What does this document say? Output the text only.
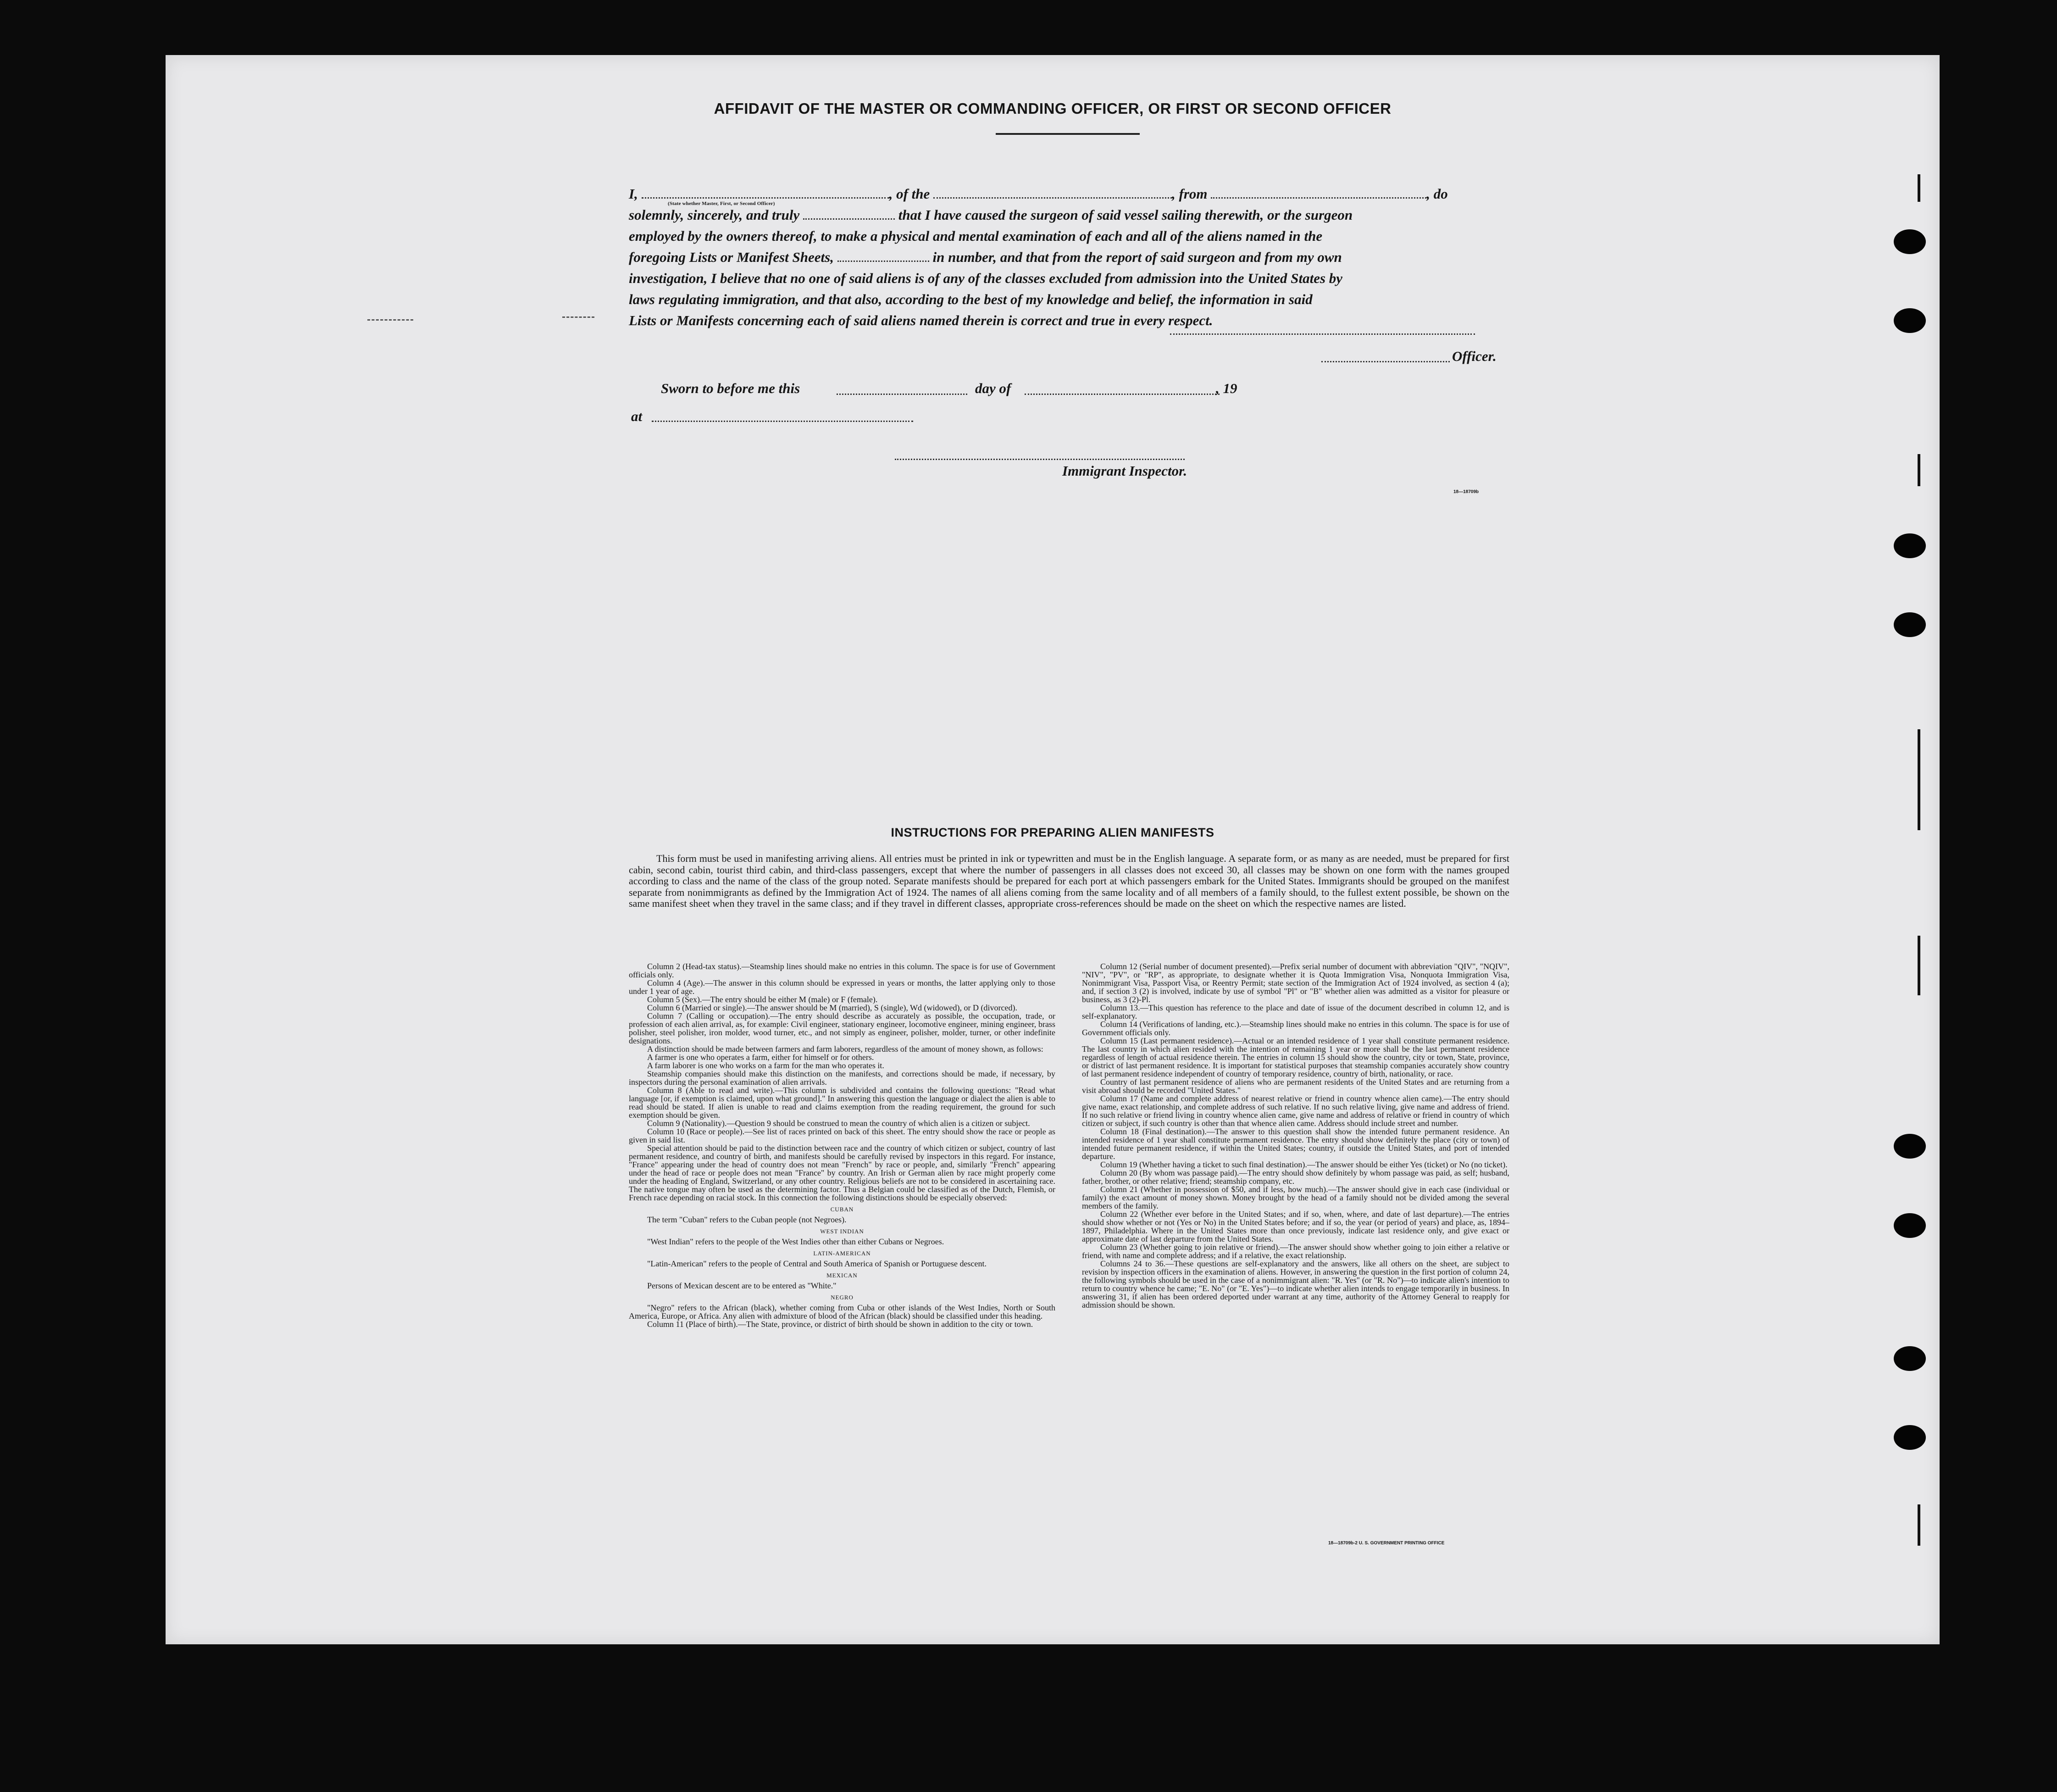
AFFIDAVIT OF THE MASTER OR COMMANDING OFFICER, OR FIRST OR SECOND OFFICER
I,	, of the	, from	, do
solemnly, sincerely, and truly	that I have caused the surgeon of said vessel sailing therewith, or the surgeon
employed by the owners thereof, to make a physical and mental examination of each and all of the aliens named in the
foregoing Lists or Manifest Sheets,	in number, and that from the report of said surgeon and from my own
investigation, I believe that no one of said aliens is of any of the classes excluded from admission into the United States by
laws regulating immigration, and that also, according to the best of my knowledge and belief, the information in said
Lists or Manifests concerning each of said aliens named therein is correct and true in every respect.
(State whether Master, First, or Second Officer)
Officer.
Sworn to before me this	day of	, 19
at
Immigrant Inspector.
18—18709b
INSTRUCTIONS FOR PREPARING ALIEN MANIFESTS

This form must be used in manifesting arriving aliens. All entries must be printed in ink or typewritten and must be in the English language. A separate form, or as many as are needed, must be prepared for first cabin, second cabin, tourist third cabin, and third-class passengers, except that where the number of passengers in all classes does not exceed 30, all classes may be shown on one form with the names grouped according to class and the name of the class of the group noted. Separate manifests should be prepared for each port at which passengers embark for the United States. Immigrants should be grouped on the manifest separate from nonimmigrants as defined by the Immigration Act of 1924. The names of all aliens coming from the same locality and of all members of a family should, to the fullest extent possible, be shown on the same manifest sheet when they travel in the same class; and if they travel in different classes, appropriate cross-references should be made on the sheet on which the respective names are listed.

Column 2 (Head-tax status).—Steamship lines should make no entries in this column. The space is for use of Government officials only.

Column 4 (Age).—The answer in this column should be expressed in years or months, the latter applying only to those under 1 year of age.

Column 5 (Sex).—The entry should be either M (male) or F (female).

Column 6 (Married or single).—The answer should be M (married), S (single), Wd (widowed), or D (divorced).

Column 7 (Calling or occupation).—The entry should describe as accurately as possible, the occupation, trade, or profession of each alien arrival, as, for example: Civil engineer, stationary engineer, locomotive engineer, mining engineer, brass polisher, steel polisher, iron molder, wood turner, etc., and not simply as engineer, polisher, molder, turner, or other indefinite designations.

A distinction should be made between farmers and farm laborers, regardless of the amount of money shown, as follows:

A farmer is one who operates a farm, either for himself or for others.

A farm laborer is one who works on a farm for the man who operates it.

Steamship companies should make this distinction on the manifests, and corrections should be made, if necessary, by inspectors during the personal examination of alien arrivals.

Column 8 (Able to read and write).—This column is subdivided and contains the following questions: "Read what language [or, if exemption is claimed, upon what ground]." In answering this question the language or dialect the alien is able to read should be stated. If alien is unable to read and claims exemption from the reading requirement, the ground for such exemption should be given.

Column 9 (Nationality).—Question 9 should be construed to mean the country of which alien is a citizen or subject.

Column 10 (Race or people).—See list of races printed on back of this sheet. The entry should show the race or people as given in said list.

Special attention should be paid to the distinction between race and the country of which citizen or subject, country of last permanent residence, and country of birth, and manifests should be carefully revised by inspectors in this regard. For instance, "France" appearing under the head of country does not mean "French" by race or people, and, similarly "French" appearing under the head of race or people does not mean "France" by country. An Irish or German alien by race might properly come under the heading of England, Switzerland, or any other country. Religious beliefs are not to be considered in ascertaining race. The native tongue may often be used as the determining factor. Thus a Belgian could be classified as of the Dutch, Flemish, or French race depending on racial stock. In this connection the following distinctions should be especially observed:

CUBAN

The term "Cuban" refers to the Cuban people (not Negroes).

WEST INDIAN

"West Indian" refers to the people of the West Indies other than either Cubans or Negroes.

LATIN-AMERICAN

"Latin-American" refers to the people of Central and South America of Spanish or Portuguese descent.

MEXICAN

Persons of Mexican descent are to be entered as "White."

NEGRO

"Negro" refers to the African (black), whether coming from Cuba or other islands of the West Indies, North or South America, Europe, or Africa. Any alien with admixture of blood of the African (black) should be classified under this heading.

Column 11 (Place of birth).—The State, province, or district of birth should be shown in addition to the city or town.

Column 12 (Serial number of document presented).—Prefix serial number of document with abbreviation "QIV", "NQIV", "NIV", "PV", or "RP", as appropriate, to designate whether it is Quota Immigration Visa, Nonquota Immigration Visa, Nonimmigrant Visa, Passport Visa, or Reentry Permit; state section of the Immigration Act of 1924 involved, as section 4 (a); and, if section 3 (2) is involved, indicate by use of symbol "Pl" or "B" whether alien was admitted as a visitor for pleasure or business, as 3 (2)-Pl.

Column 13.—This question has reference to the place and date of issue of the document described in column 12, and is self-explanatory.

Column 14 (Verifications of landing, etc.).—Steamship lines should make no entries in this column. The space is for use of Government officials only.

Column 15 (Last permanent residence).—Actual or an intended residence of 1 year shall constitute permanent residence. The last country in which alien resided with the intention of remaining 1 year or more shall be the last permanent residence regardless of length of actual residence therein. The entries in column 15 should show the country, city or town, State, province, or district of last permanent residence. It is important for statistical purposes that steamship companies accurately show country of last permanent residence independent of country of temporary residence, country of birth, nationality, or race.

Country of last permanent residence of aliens who are permanent residents of the United States and are returning from a visit abroad should be recorded "United States."

Column 17 (Name and complete address of nearest relative or friend in country whence alien came).—The entry should give name, exact relationship, and complete address of such relative. If no such relative living, give name and address of friend. If no such relative or friend living in country whence alien came, give name and address of relative or friend in country of which citizen or subject, if such country is other than that whence alien came. Address should include street and number.

Column 18 (Final destination).—The answer to this question shall show the intended future permanent residence. An intended residence of 1 year shall constitute permanent residence. The entry should show definitely the place (city or town) of intended future permanent residence, if within the United States; country, if outside the United States, and port of intended departure.

Column 19 (Whether having a ticket to such final destination).—The answer should be either Yes (ticket) or No (no ticket).

Column 20 (By whom was passage paid).—The entry should show definitely by whom passage was paid, as self; husband, father, brother, or other relative; friend; steamship company, etc.

Column 21 (Whether in possession of $50, and if less, how much).—The answer should give in each case (individual or family) the exact amount of money shown. Money brought by the head of a family should not be divided among the several members of the family.

Column 22 (Whether ever before in the United States; and if so, when, where, and date of last departure).—The entries should show whether or not (Yes or No) in the United States before; and if so, the year (or period of years) and place, as, 1894–1897, Philadelphia. Where in the United States more than once previously, indicate last residence only, and give exact or approximate date of last departure from the United States.

Column 23 (Whether going to join relative or friend).—The answer should show whether going to join either a relative or friend, with name and complete address; and if a relative, the exact relationship.

Columns 24 to 36.—These questions are self-explanatory and the answers, like all others on the sheet, are subject to revision by inspection officers in the examination of aliens. However, in answering the question in the first portion of column 24, the following symbols should be used in the case of a nonimmigrant alien: "R. Yes" (or "R. No")—to indicate alien's intention to return to country whence he came; "E. No" (or "E. Yes")—to indicate whether alien intends to engage temporarily in business. In answering 31, if alien has been ordered deported under warrant at any time, authority of the Attorney General to reapply for admission should be shown.

18—18709b-2 U. S. GOVERNMENT PRINTING OFFICE
